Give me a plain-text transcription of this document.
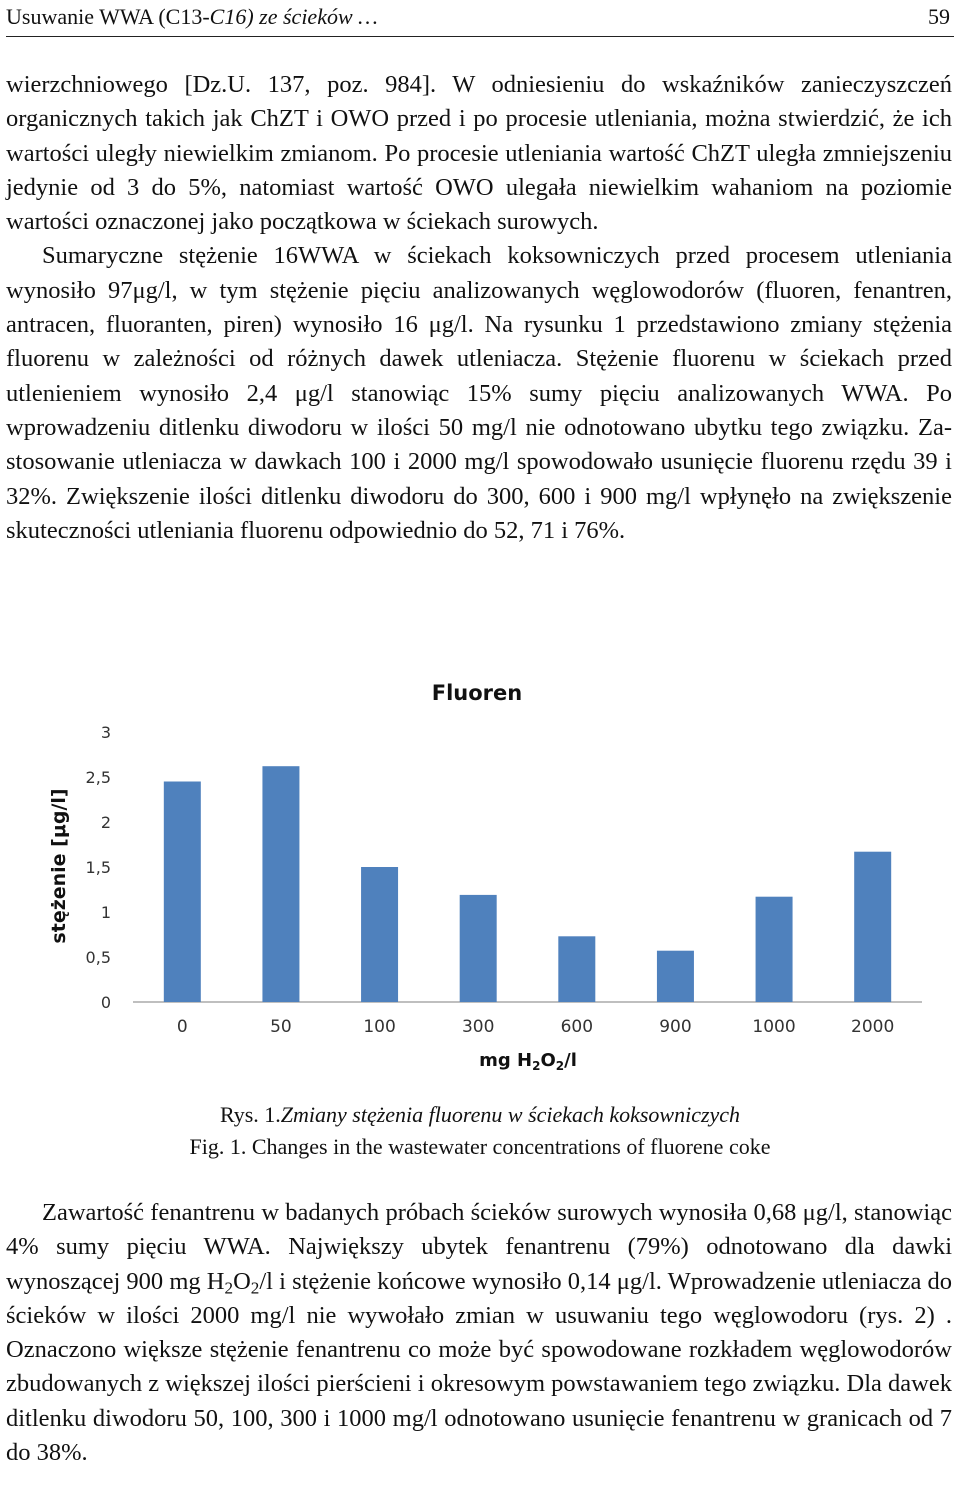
Usuwanie WWA (C13-C16) ze ścieków …	59

wierzchniowego [Dz.U. 137, poz. 984]. W odniesieniu do wskaźników zanieczyszczeń organicznych takich jak ChZT i OWO przed i po procesie utleniania, można stwierdzić, że ich wartości uległy niewielkim zmianom. Po procesie utleniania wartość ChZT uległa zmniejszeniu jedynie od 3 do 5%, natomiast wartość OWO ulegała niewielkim wahaniom na poziomie wartości oznaczonej jako początkowa w ściekach surowych.

Sumaryczne stężenie 16WWA w ściekach koksowniczych przed procesem utleniania wynosiło 97μg/l, w tym stężenie pięciu analizowanych węglowodorów (fluoren, fenantren, antracen, fluoranten, piren) wynosiło 16 μg/l. Na rysunku 1 przedstawiono zmiany stężenia fluorenu w zależności od różnych dawek utleniacza. Stężenie fluorenu w ściekach przed utlenieniem wynosiło 2,4 μg/l stanowiąc 15% sumy pięciu analizowanych WWA. Po wprowadzeniu ditlenku diwodoru w ilości 50 mg/l nie odnotowano ubytku tego związku. Zastosowanie utleniacza w dawkach 100 i 2000 mg/l spowodowało usunięcie fluorenu rzędu 39 i 32%. Zwiększenie ilości ditlenku diwodoru do 300, 600 i 900 mg/l wpłynęło na zwiększenie skuteczności utleniania fluorenu odpowiednio do 52, 71 i 76%.

Fluoren
stężenie [μg/l]
0
0,5
1
1,5
2
2,5
3
0	50	100	300	600	900	1000	2000
mg $H_2O_2/l$
Rys. 1.Zmiany stężenia fluorenu w ściekach koksowniczych
Fig. 1. Changes in the wastewater concentrations of fluorene coke

Zawartość fenantrenu w badanych próbach ścieków surowych wynosiła 0,68 μg/l, stanowiąc 4% sumy pięciu WWA. Największy ubytek fenantrenu (79%) odnotowano dla dawki wynoszącej 900 mg $H_2O_2/l$ i stężenie końcowe wynosiło 0,14 μg/l. Wprowadzenie utleniacza do ścieków w ilości 2000 mg/l nie wywołało zmian w usuwaniu tego węglowodoru (rys. 2) . Oznaczono większe stężenie fenantrenu co może być spowodowane rozkładem węglowodorów zbudowanych z większej ilości pierścieni i okresowym powstawaniem tego związku. Dla dawek ditlenku diwodoru 50, 100, 300 i 1000 mg/l odnotowano usunięcie fenantrenu w granicach od 7 do 38%.
